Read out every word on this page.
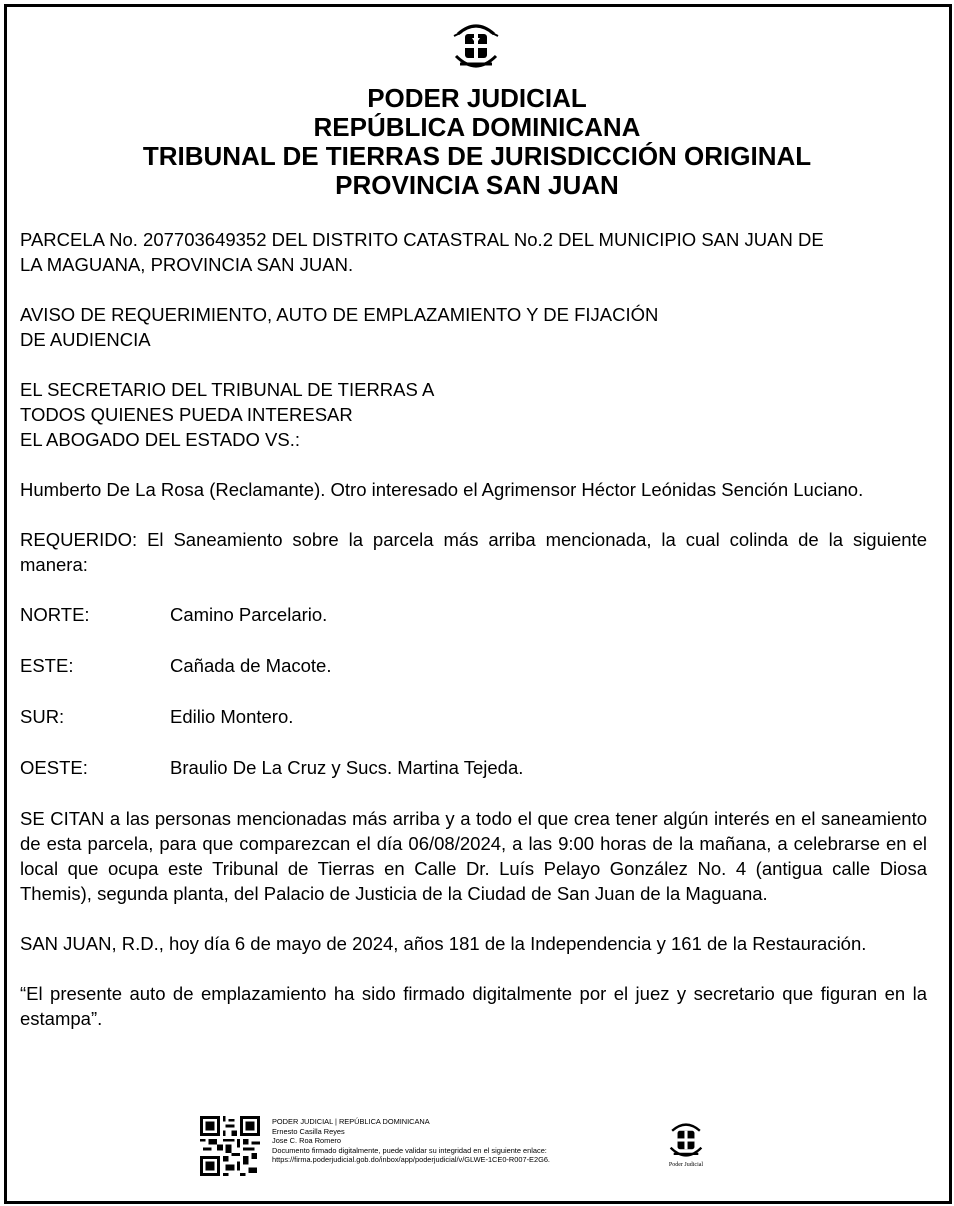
PODER JUDICIAL
REPÚBLICA DOMINICANA
TRIBUNAL DE TIERRAS DE JURISDICCIÓN ORIGINAL
PROVINCIA SAN JUAN

PARCELA No. 207703649352 DEL DISTRITO CATASTRAL No.2 DEL MUNICIPIO SAN JUAN DE
LA MAGUANA, PROVINCIA SAN JUAN.

AVISO DE REQUERIMIENTO, AUTO DE EMPLAZAMIENTO Y DE FIJACIÓN
DE AUDIENCIA

EL SECRETARIO DEL TRIBUNAL DE TIERRAS A
TODOS QUIENES PUEDA INTERESAR
EL ABOGADO DEL ESTADO VS.:

Humberto De La Rosa (Reclamante). Otro interesado el Agrimensor Héctor Leónidas Sención Luciano.

REQUERIDO: El Saneamiento sobre la parcela más arriba mencionada, la cual colinda de la siguiente manera:

NORTE:	Camino Parcelario.
ESTE:	Cañada de Macote.
SUR:	Edilio Montero.
OESTE:	Braulio De La Cruz y Sucs. Martina Tejeda.

SE CITAN a las personas mencionadas más arriba y a todo el que crea tener algún interés en el saneamiento de esta parcela, para que comparezcan el día 06/08/2024, a las 9:00 horas de la mañana, a celebrarse en el local que ocupa este Tribunal de Tierras en Calle Dr. Luís Pelayo González No. 4 (antigua calle Diosa Themis), segunda planta, del Palacio de Justicia de la Ciudad de San Juan de la Maguana.

SAN JUAN, R.D., hoy día 6 de mayo de 2024, años 181 de la Independencia y 161 de la Restauración.

“El presente auto de emplazamiento ha sido firmado digitalmente por el juez y secretario que figuran en la estampa”.

PODER JUDICIAL | REPÚBLICA DOMINICANA
Ernesto Casilla Reyes
Jose C. Roa Romero
Documento firmado digitalmente, puede validar su integridad en el siguiente enlace:
https://firma.poderjudicial.gob.do/inbox/app/poderjudicial/v/GLWE-1CE0-R007-E2G6.
Poder Judicial
